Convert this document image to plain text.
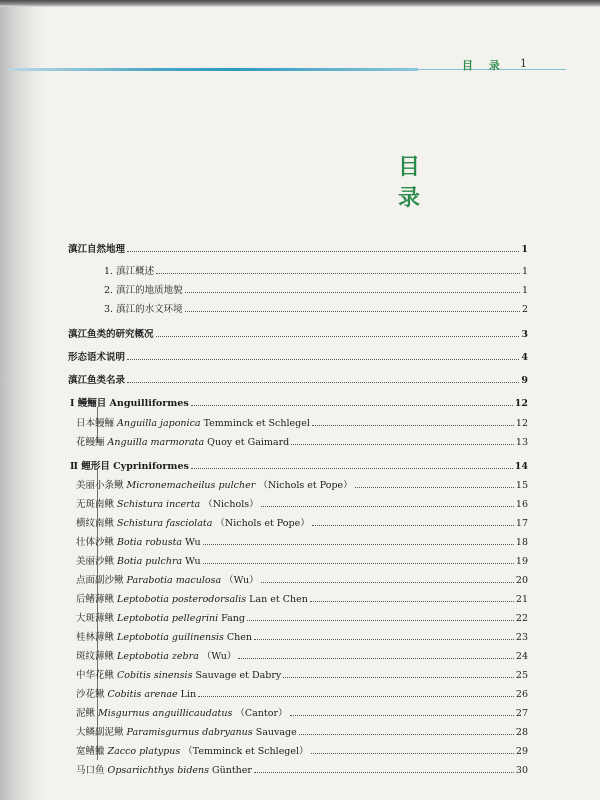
目 录 1
目 录
滇江自然地理	1
1. 滇江概述	1
2. 滇江的地质地貌	1
3. 滇江的水文环境	2
滇江鱼类的研究概况	3
形态语术说明	4
滇江鱼类名录	9
Ⅰ 鳗鲡目 Anguilliformes	12
日本鳗鲡 Anguilla japonica Temminck et Schlegel	12
花鳗鲡 Anguilla marmorata Quoy et Gaimard	13
Ⅱ 鲤形目 Cypriniformes	14
美丽小条鳅 Micronemacheilus pulcher （Nichols et Pope）	15
无斑南鳅 Schistura incerta （Nichols）	16
横纹南鳅 Schistura fasciolata （Nichols et Pope）	17
壮体沙鳅 Botia robusta Wu	18
美丽沙鳅 Botia pulchra Wu	19
点面副沙鳅 Parabotia maculosa （Wu）	20
后鳍薄鳅 Leptobotia posterodorsalis Lan et Chen	21
大斑薄鳅 Leptobotia pellegrini Fang	22
桂林薄鳅 Leptobotia guilinensis Chen	23
斑纹薄鳅 Leptobotia zebra （Wu）	24
中华花鳅 Cobitis sinensis Sauvage et Dabry	25
沙花鳅 Cobitis arenae Lin	26
泥鳅 Misgurnus anguillicaudatus （Cantor）	27
大鳞副泥鳅 Paramisgurnus dabryanus Sauvage	28
宽鳍鱲 Zacco platypus （Temminck et Schlegel）	29
马口鱼 Opsariichthys bidens Günther	30
